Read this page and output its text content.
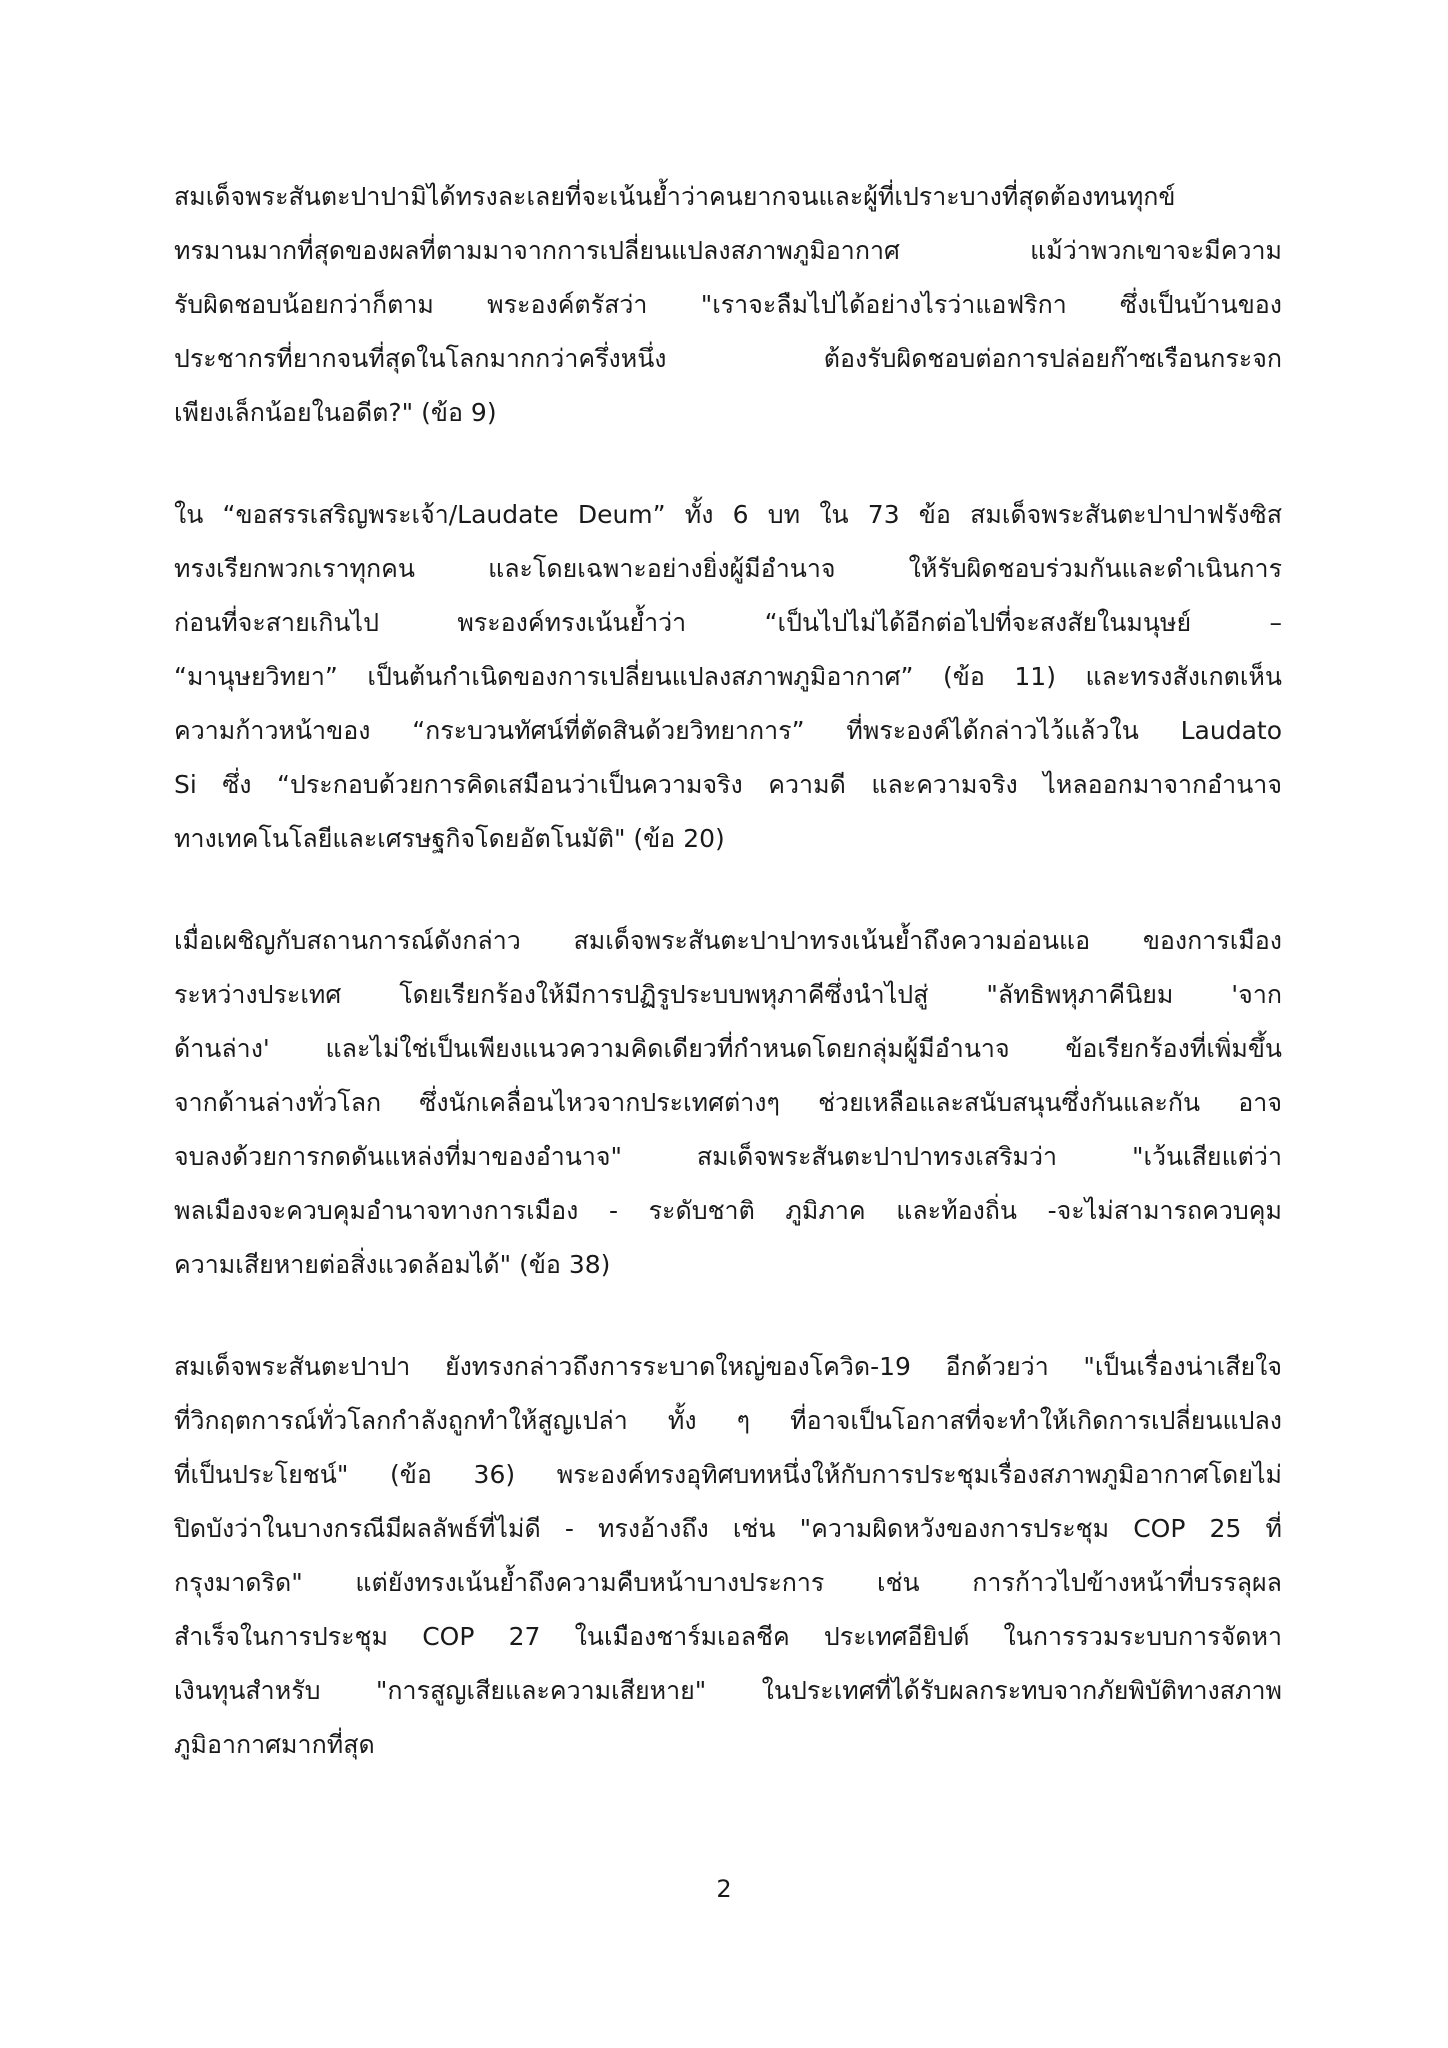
สมเด็จพระสันตะปาปามิได้ทรงละเลยที่จะเน้นย้ำว่าคนยากจนและผู้ที่เปราะบางที่สุดต้องทนทุกข์
ทรมานมากที่สุดของผลที่ตามมาจากการเปลี่ยนแปลงสภาพภูมิอากาศ แม้ว่าพวกเขาจะมีความ
รับผิดชอบน้อยกว่าก็ตาม พระองค์ตรัสว่า "เราจะลืมไปได้อย่างไรว่าแอฟริกา ซึ่งเป็นบ้านของ
ประชากรที่ยากจนที่สุดในโลกมากกว่าครึ่งหนึ่ง ต้องรับผิดชอบต่อการปล่อยก๊าซเรือนกระจก
เพียงเล็กน้อยในอดีต?" (ข้อ 9)
ใน “ขอสรรเสริญพระเจ้า/Laudate Deum” ทั้ง 6 บท ใน 73 ข้อ สมเด็จพระสันตะปาปาฟรังซิส
ทรงเรียกพวกเราทุกคน และโดยเฉพาะอย่างยิ่งผู้มีอำนาจ ให้รับผิดชอบร่วมกันและดำเนินการ
ก่อนที่จะสายเกินไป พระองค์ทรงเน้นย้ำว่า “เป็นไปไม่ได้อีกต่อไปที่จะสงสัยในมนุษย์ –
“มานุษยวิทยา” เป็นต้นกำเนิดของการเปลี่ยนแปลงสภาพภูมิอากาศ” (ข้อ 11) และทรงสังเกตเห็น
ความก้าวหน้าของ “กระบวนทัศน์ที่ตัดสินด้วยวิทยาการ” ที่พระองค์ได้กล่าวไว้แล้วใน Laudato
Si ซึ่ง “ประกอบด้วยการคิดเสมือนว่าเป็นความจริง ความดี และความจริง ไหลออกมาจากอำนาจ
ทางเทคโนโลยีและเศรษฐกิจโดยอัตโนมัติ" (ข้อ 20)
เมื่อเผชิญกับสถานการณ์ดังกล่าว สมเด็จพระสันตะปาปาทรงเน้นย้ำถึงความอ่อนแอ ของการเมือง
ระหว่างประเทศ โดยเรียกร้องให้มีการปฏิรูประบบพหุภาคีซึ่งนำไปสู่ "ลัทธิพหุภาคีนิยม 'จาก
ด้านล่าง' และไม่ใช่เป็นเพียงแนวความคิดเดียวที่กำหนดโดยกลุ่มผู้มีอำนาจ ข้อเรียกร้องที่เพิ่มขึ้น
จากด้านล่างทั่วโลก ซึ่งนักเคลื่อนไหวจากประเทศต่างๆ ช่วยเหลือและสนับสนุนซึ่งกันและกัน อาจ
จบลงด้วยการกดดันแหล่งที่มาของอำนาจ" สมเด็จพระสันตะปาปาทรงเสริมว่า "เว้นเสียแต่ว่า
พลเมืองจะควบคุมอำนาจทางการเมือง - ระดับชาติ ภูมิภาค และท้องถิ่น -จะไม่สามารถควบคุม
ความเสียหายต่อสิ่งแวดล้อมได้" (ข้อ 38)
สมเด็จพระสันตะปาปา ยังทรงกล่าวถึงการระบาดใหญ่ของโควิด-19 อีกด้วยว่า "เป็นเรื่องน่าเสียใจ
ที่วิกฤตการณ์ทั่วโลกกำลังถูกทำให้สูญเปล่า ทั้ง ๆ ที่อาจเป็นโอกาสที่จะทำให้เกิดการเปลี่ยนแปลง
ที่เป็นประโยชน์" (ข้อ 36) พระองค์ทรงอุทิศบทหนึ่งให้กับการประชุมเรื่องสภาพภูมิอากาศโดยไม่
ปิดบังว่าในบางกรณีมีผลลัพธ์ที่ไม่ดี - ทรงอ้างถึง เช่น "ความผิดหวังของการประชุม COP 25 ที่
กรุงมาดริด" แต่ยังทรงเน้นย้ำถึงความคืบหน้าบางประการ เช่น การก้าวไปข้างหน้าที่บรรลุผล
สำเร็จในการประชุม COP 27 ในเมืองชาร์มเอลชีค ประเทศอียิปต์ ในการรวมระบบการจัดหา
เงินทุนสำหรับ "การสูญเสียและความเสียหาย" ในประเทศที่ได้รับผลกระทบจากภัยพิบัติทางสภาพ
ภูมิอากาศมากที่สุด
2
